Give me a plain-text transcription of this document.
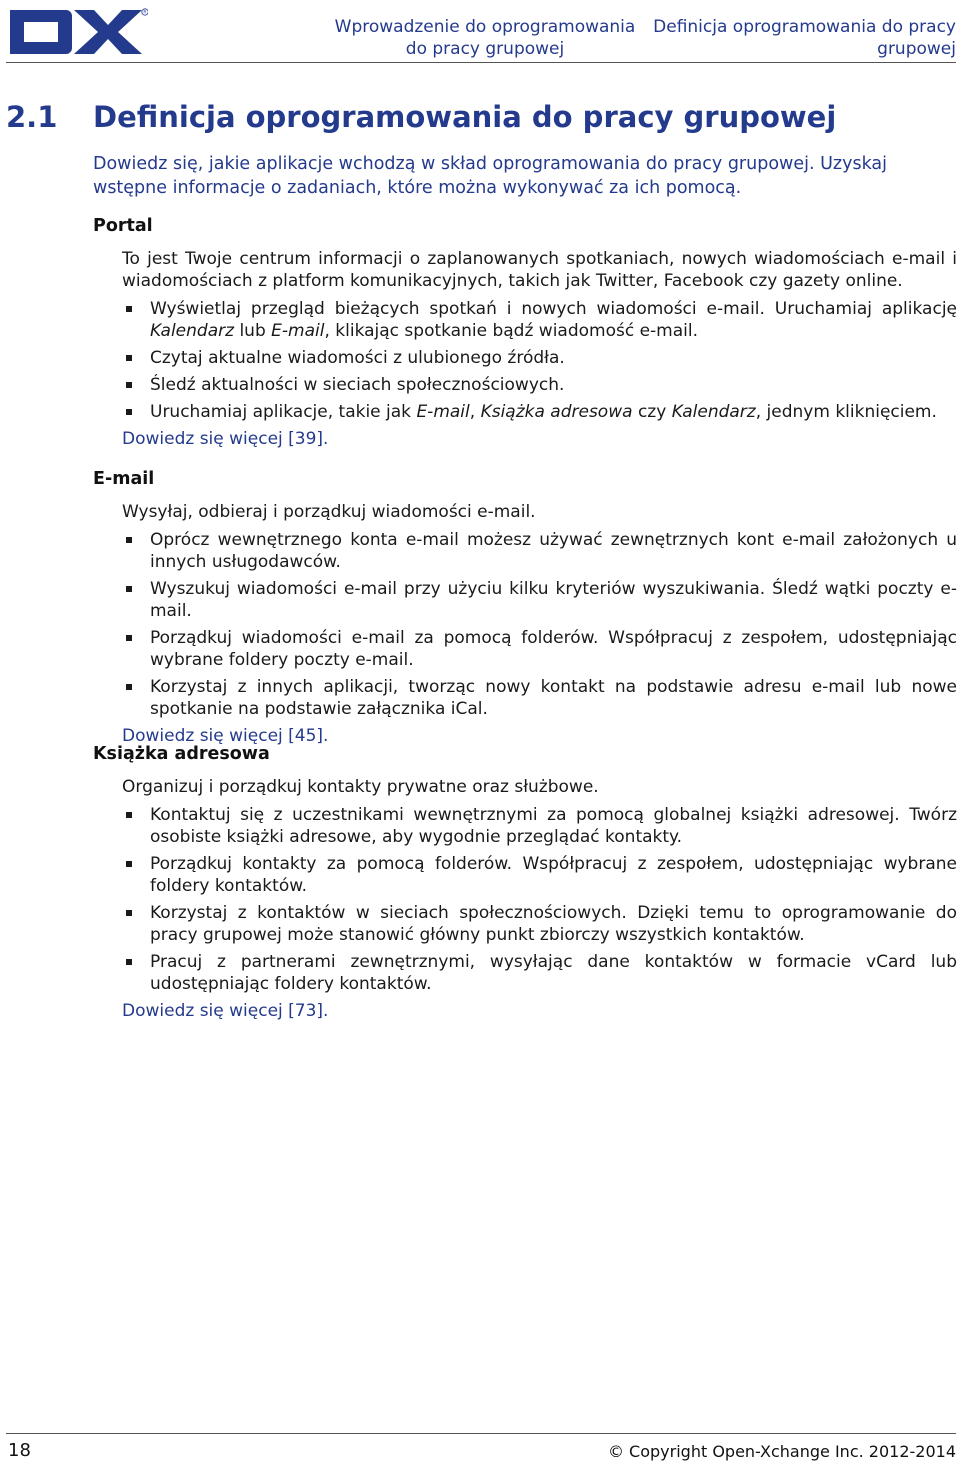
R
Wprowadzenie do oprogramowania do pracy grupowej
Definicja oprogramowania do pracy grupowej
2.1 Definicja oprogramowania do pracy grupowej
Dowiedz się, jakie aplikacje wchodzą w skład oprogramowania do pracy grupowej. Uzyskaj wstępne informacje o zadaniach, które można wykonywać za ich pomocą.
Portal

To jest Twoje centrum informacji o zaplanowanych spotkaniach, nowych wiadomościach e-mail i wiadomościach z platform komunikacyjnych, takich jak Twitter, Facebook czy gazety online.

Wyświetlaj przegląd bieżących spotkań i nowych wiadomości e-mail. Uruchamiaj aplikację Kalendarz lub E-mail, klikając spotkanie bądź wiadomość e-mail.
Czytaj aktualne wiadomości z ulubionego źródła.
Śledź aktualności w sieciach społecznościowych.
Uruchamiaj aplikacje, takie jak E-mail, Książka adresowa czy Kalendarz, jednym kliknięciem.

Dowiedz się więcej [39].

E-mail

Wysyłaj, odbieraj i porządkuj wiadomości e-mail.

Oprócz wewnętrznego konta e-mail możesz używać zewnętrznych kont e-mail założonych u innych usługodawców.
Wyszukuj wiadomości e-mail przy użyciu kilku kryteriów wyszukiwania. Śledź wątki poczty e-mail.
Porządkuj wiadomości e-mail za pomocą folderów. Współpracuj z zespołem, udostępniając wybrane foldery poczty e-mail.
Korzystaj z innych aplikacji, tworząc nowy kontakt na podstawie adresu e-mail lub nowe spotkanie na podstawie załącznika iCal.

Dowiedz się więcej [45].

Książka adresowa

Organizuj i porządkuj kontakty prywatne oraz służbowe.

Kontaktuj się z uczestnikami wewnętrznymi za pomocą globalnej książki adresowej. Twórz osobiste książki adresowe, aby wygodnie przeglądać kontakty.
Porządkuj kontakty za pomocą folderów. Współpracuj z zespołem, udostępniając wybrane foldery kontaktów.
Korzystaj z kontaktów w sieciach społecznościowych. Dzięki temu to oprogramowanie do pracy grupowej może stanowić główny punkt zbiorczy wszystkich kontaktów.
Pracuj z partnerami zewnętrznymi, wysyłając dane kontaktów w formacie vCard lub udostępniając foldery kontaktów.

Dowiedz się więcej [73].

18	© Copyright Open-Xchange Inc. 2012-2014
